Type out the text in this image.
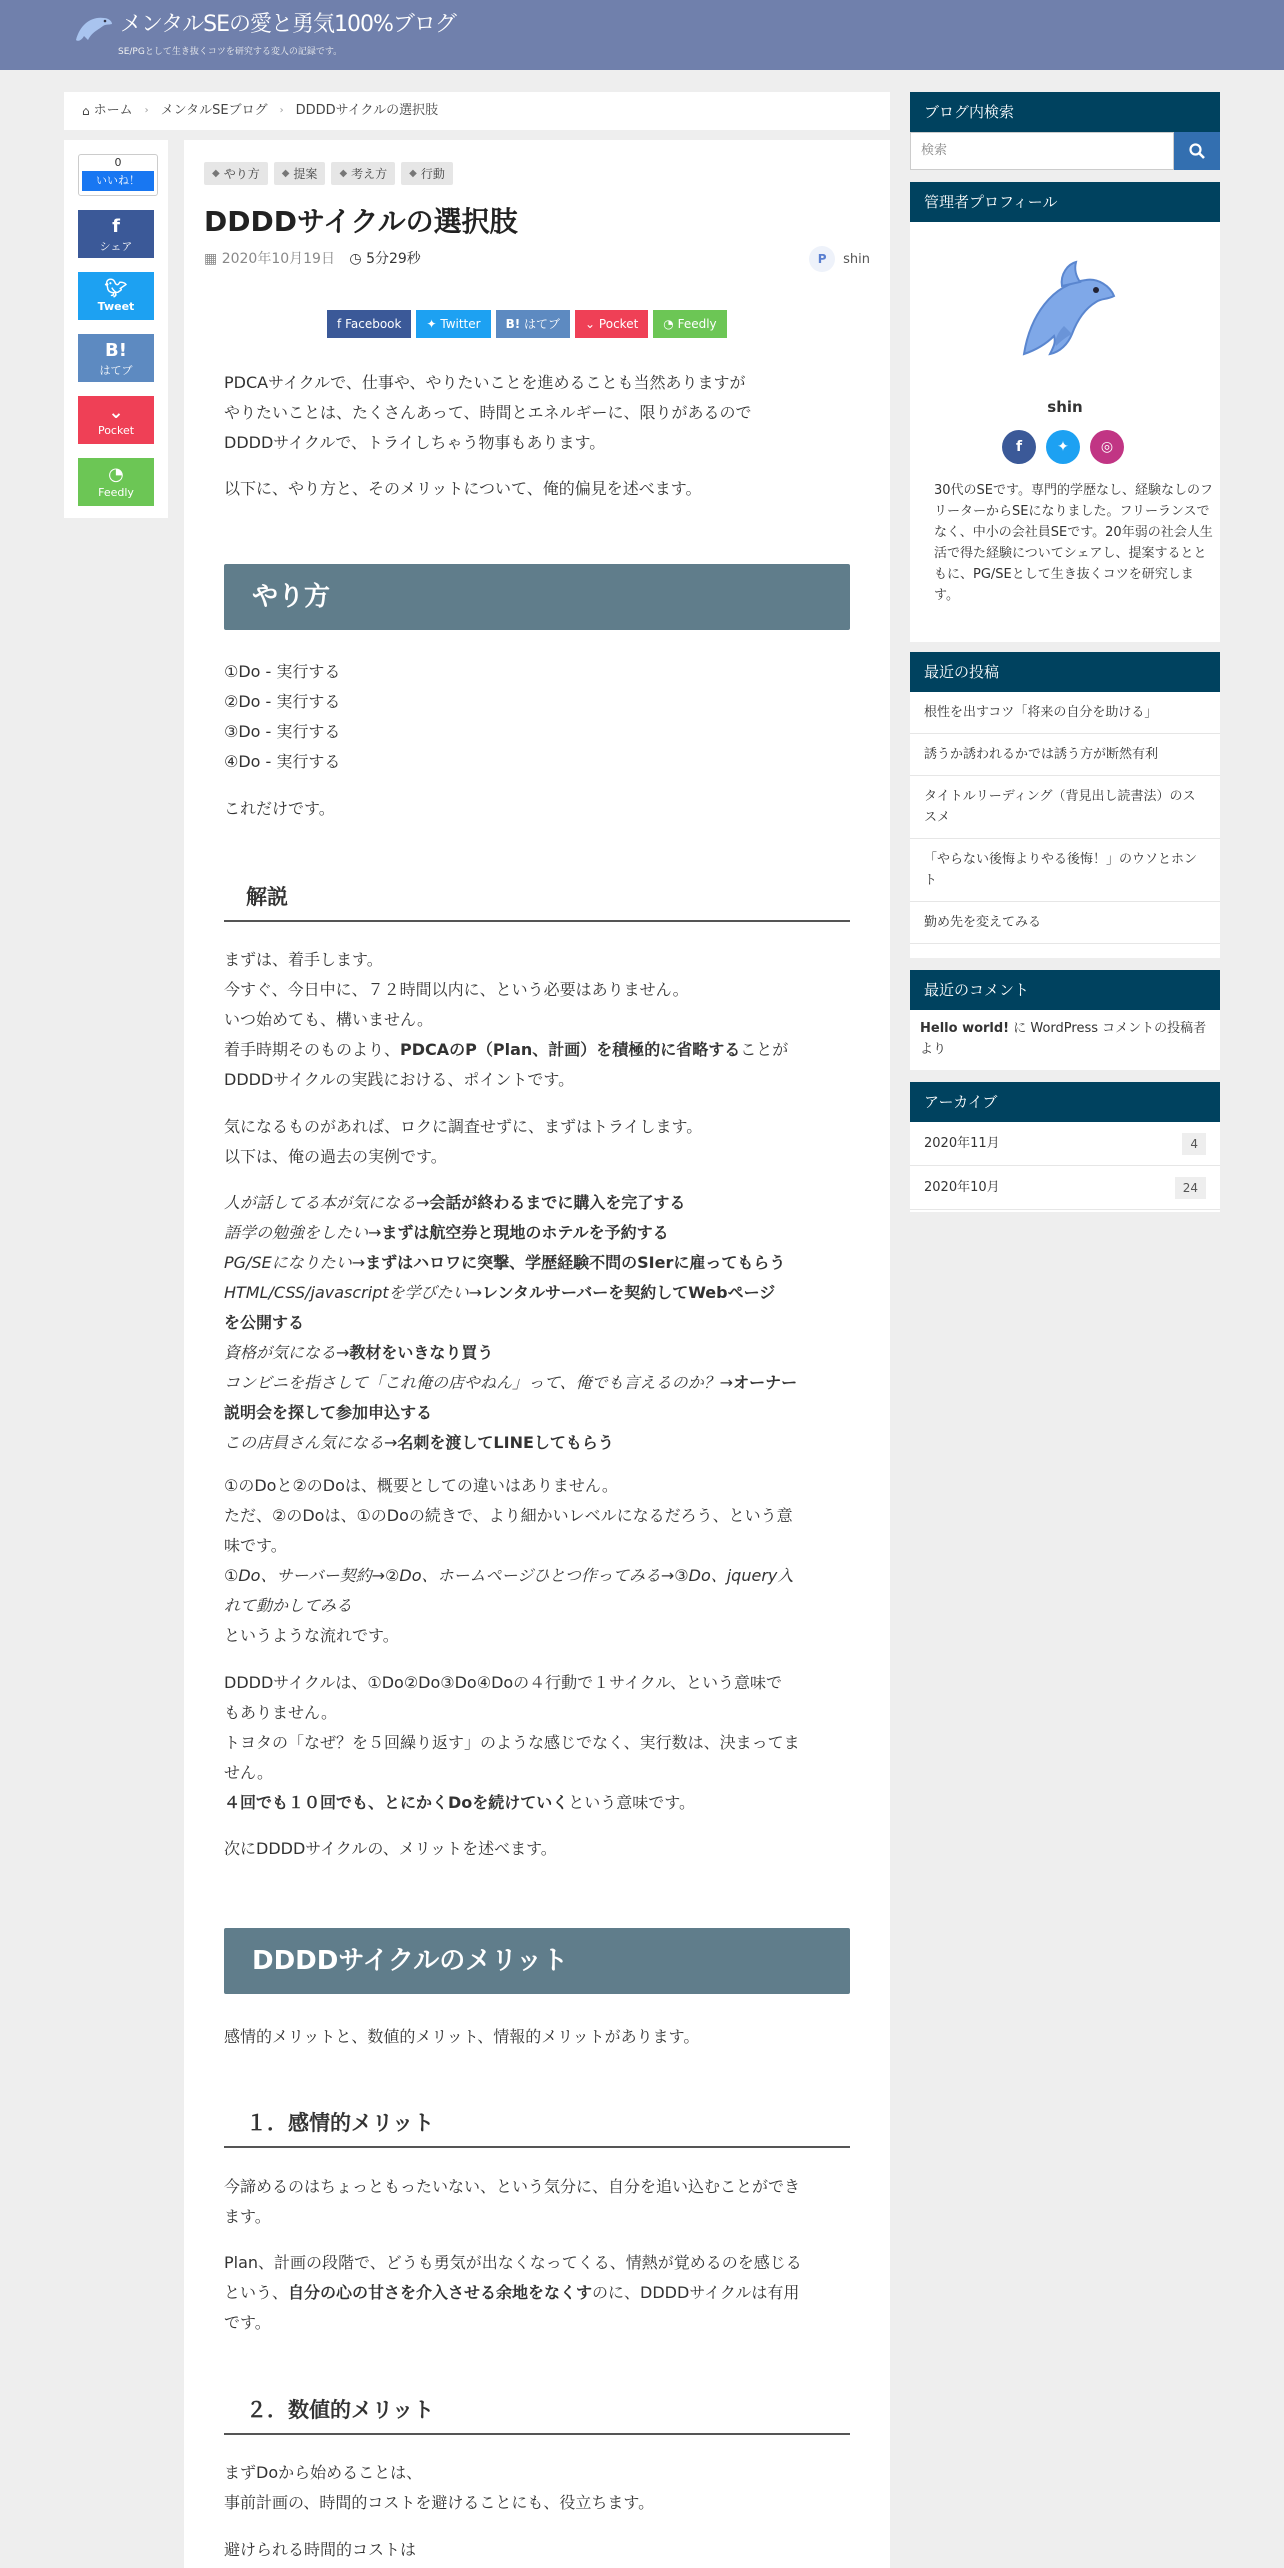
メンタルSEの愛と勇気100%ブログ
SE/PGとして生き抜くコツを研究する変人の記録です。
⌂ ホーム › メンタルSEブログ › DDDDサイクルの選択肢
0
いいね！
f
シェア
🐦︎
Tweet
B!
はてブ
⌄
Pocket
◔
Feedly
◆ やり方 ◆ 提案 ◆ 考え方 ◆ 行動
DDDDサイクルの選択肢
▦ 2020年10月19日 ◷ 5分29秒	P	shin
f Facebook	✦ Twitter	B! はてブ	⌄ Pocket	◔ Feedly
PDCAサイクルで、仕事や、やりたいことを進めることも当然ありますが
やりたいことは、たくさんあって、時間とエネルギーに、限りがあるので
DDDDサイクルで、トライしちゃう物事もあります。
以下に、やり方と、そのメリットについて、俺的偏見を述べます。
やり方
①Do - 実行する
②Do - 実行する
③Do - 実行する
④Do - 実行する
これだけです。
解説
まずは、着手します。
今すぐ、今日中に、７２時間以内に、という必要はありません。
いつ始めても、構いません。
着手時期そのものより、PDCAのP（Plan、計画）を積極的に省略することが
DDDDサイクルの実践における、ポイントです。
気になるものがあれば、ロクに調査せずに、まずはトライします。
以下は、俺の過去の実例です。
人が話してる本が気になる→会話が終わるまでに購入を完了する
語学の勉強をしたい→まずは航空券と現地のホテルを予約する
PG/SEになりたい→まずはハロワに突撃、学歴経験不問のSIerに雇ってもらう
HTML/CSS/javascriptを学びたい→レンタルサーバーを契約してWebページ
を公開する
資格が気になる→教材をいきなり買う
コンビニを指さして「これ俺の店やねん」って、俺でも言えるのか？→オーナー
説明会を探して参加申込する
この店員さん気になる→名刺を渡してLINEしてもらう
①のDoと②のDoは、概要としての違いはありません。
ただ、②のDoは、①のDoの続きで、より細かいレベルになるだろう、という意
味です。
①Do、サーバー契約→②Do、ホームページひとつ作ってみる→③Do、jquery入
れて動かしてみる
というような流れです。
DDDDサイクルは、①Do②Do③Do④Doの４行動で１サイクル、という意味で
もありません。
トヨタの「なぜ？を５回繰り返す」のような感じでなく、実行数は、決まってま
せん。
４回でも１０回でも、とにかくDoを続けていくという意味です。
次にDDDDサイクルの、メリットを述べます。
DDDDサイクルのメリット
感情的メリットと、数値的メリット、情報的メリットがあります。
１．感情的メリット
今諦めるのはちょっともったいない、という気分に、自分を追い込むことができ
ます。
Plan、計画の段階で、どうも勇気が出なくなってくる、情熱が覚めるのを感じる
という、自分の心の甘さを介入させる余地をなくすのに、DDDDサイクルは有用
です。
２．数値的メリット
まずDoから始めることは、
事前計画の、時間的コストを避けることにも、役立ちます。
避けられる時間的コストは
ブログ内検索
検索
管理者プロフィール
shin
f	✦	◎
30代のSEです。専門的学歴なし、経験なしのフリーターからSEになりました。フリーランスでなく、中小の会社員SEです。20年弱の社会人生活で得た経験についてシェアし、提案するとともに、PG/SEとして生き抜くコツを研究します。
最近の投稿
根性を出すコツ「将来の自分を助ける」
誘うか誘われるかでは誘う方が断然有利
タイトルリーディング（背見出し読書法）のススメ
「やらない後悔よりやる後悔！」のウソとホント
勤め先を変えてみる
最近のコメント
Hello world! に WordPress コメントの投稿者 より
アーカイブ
2020年11月	4
2020年10月	24
